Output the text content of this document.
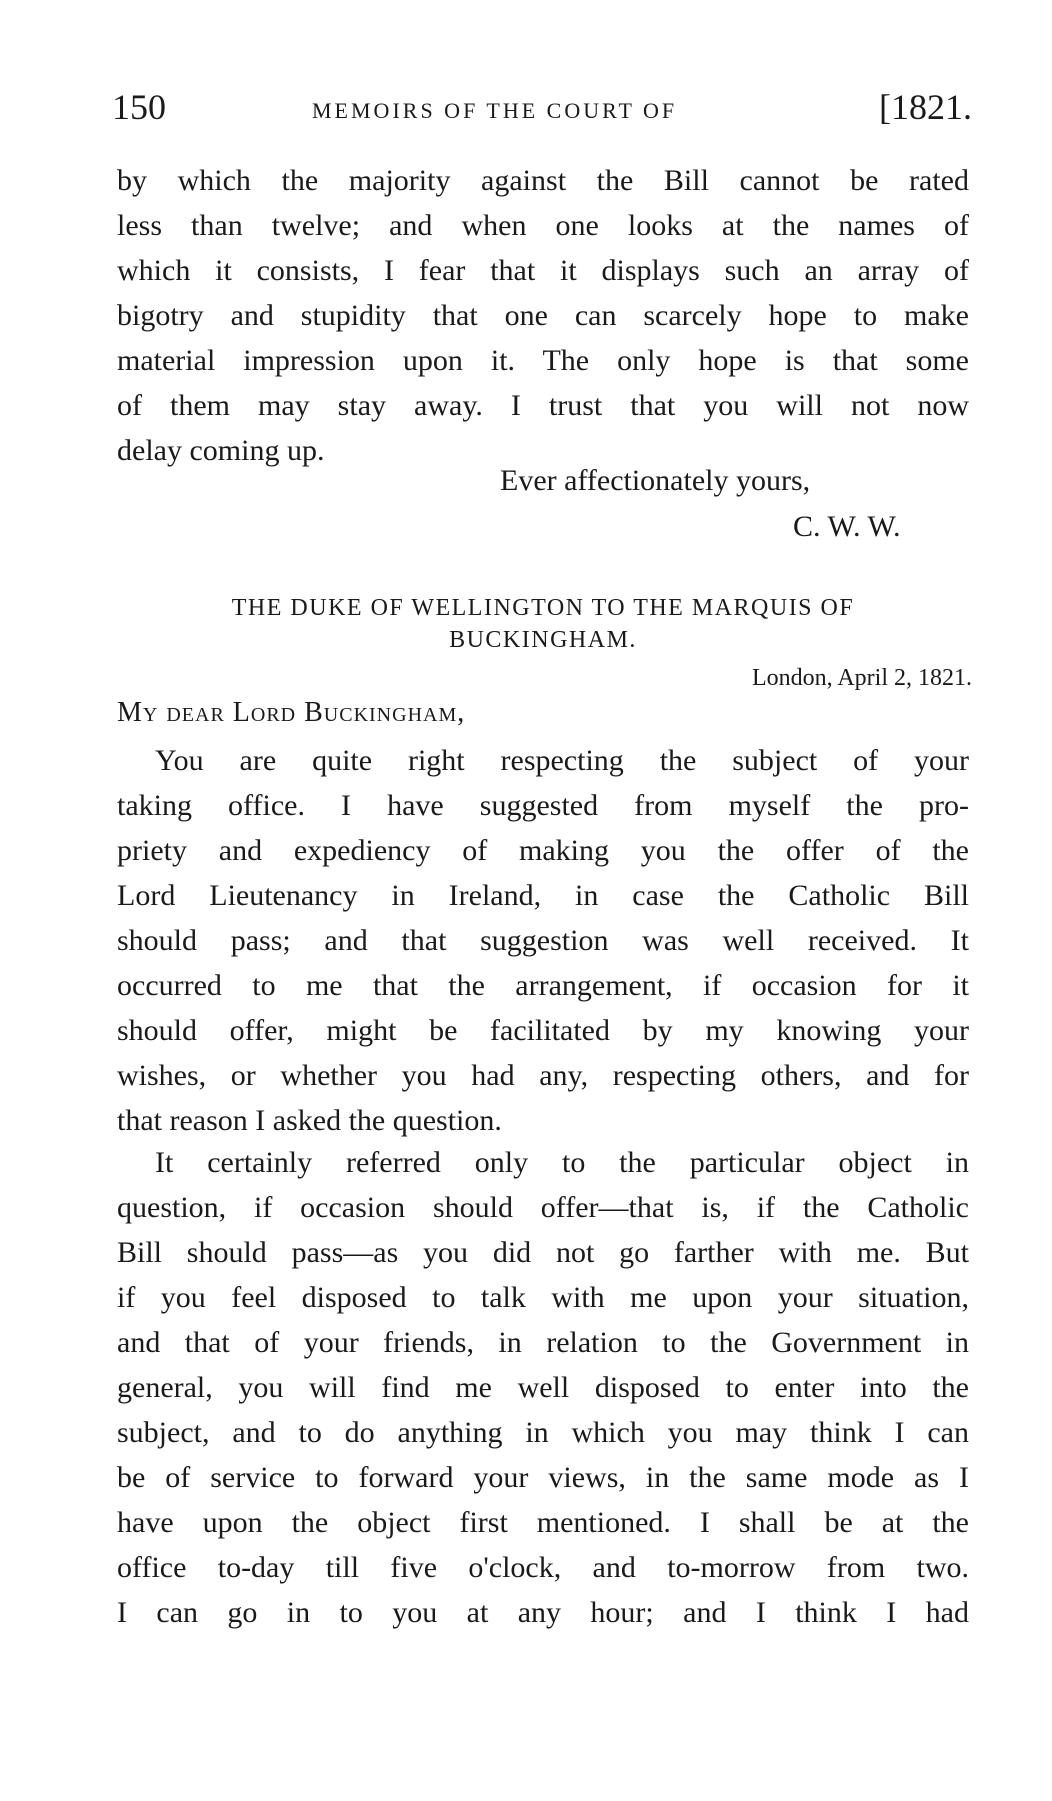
150	MEMOIRS OF THE COURT OF	[1821.
by which the majority against the Bill cannot be rated
less than twelve; and when one looks at the names of
which it consists, I fear that it displays such an array of
bigotry and stupidity that one can scarcely hope to make
material impression upon it. The only hope is that some
of them may stay away. I trust that you will not now
delay coming up.
Ever affectionately yours,
C. W. W.
THE DUKE OF WELLINGTON TO THE MARQUIS OF
BUCKINGHAM.
London, April 2, 1821.
My dear Lord Buckingham,
You are quite right respecting the subject of your
taking office. I have suggested from myself the pro-
priety and expediency of making you the offer of the
Lord Lieutenancy in Ireland, in case the Catholic Bill
should pass; and that suggestion was well received. It
occurred to me that the arrangement, if occasion for it
should offer, might be facilitated by my knowing your
wishes, or whether you had any, respecting others, and for
that reason I asked the question.
It certainly referred only to the particular object in
question, if occasion should offer—that is, if the Catholic
Bill should pass—as you did not go farther with me. But
if you feel disposed to talk with me upon your situation,
and that of your friends, in relation to the Government in
general, you will find me well disposed to enter into the
subject, and to do anything in which you may think I can
be of service to forward your views, in the same mode as I
have upon the object first mentioned. I shall be at the
office to-day till five o'clock, and to-morrow from two.
I can go in to you at any hour; and I think I had
